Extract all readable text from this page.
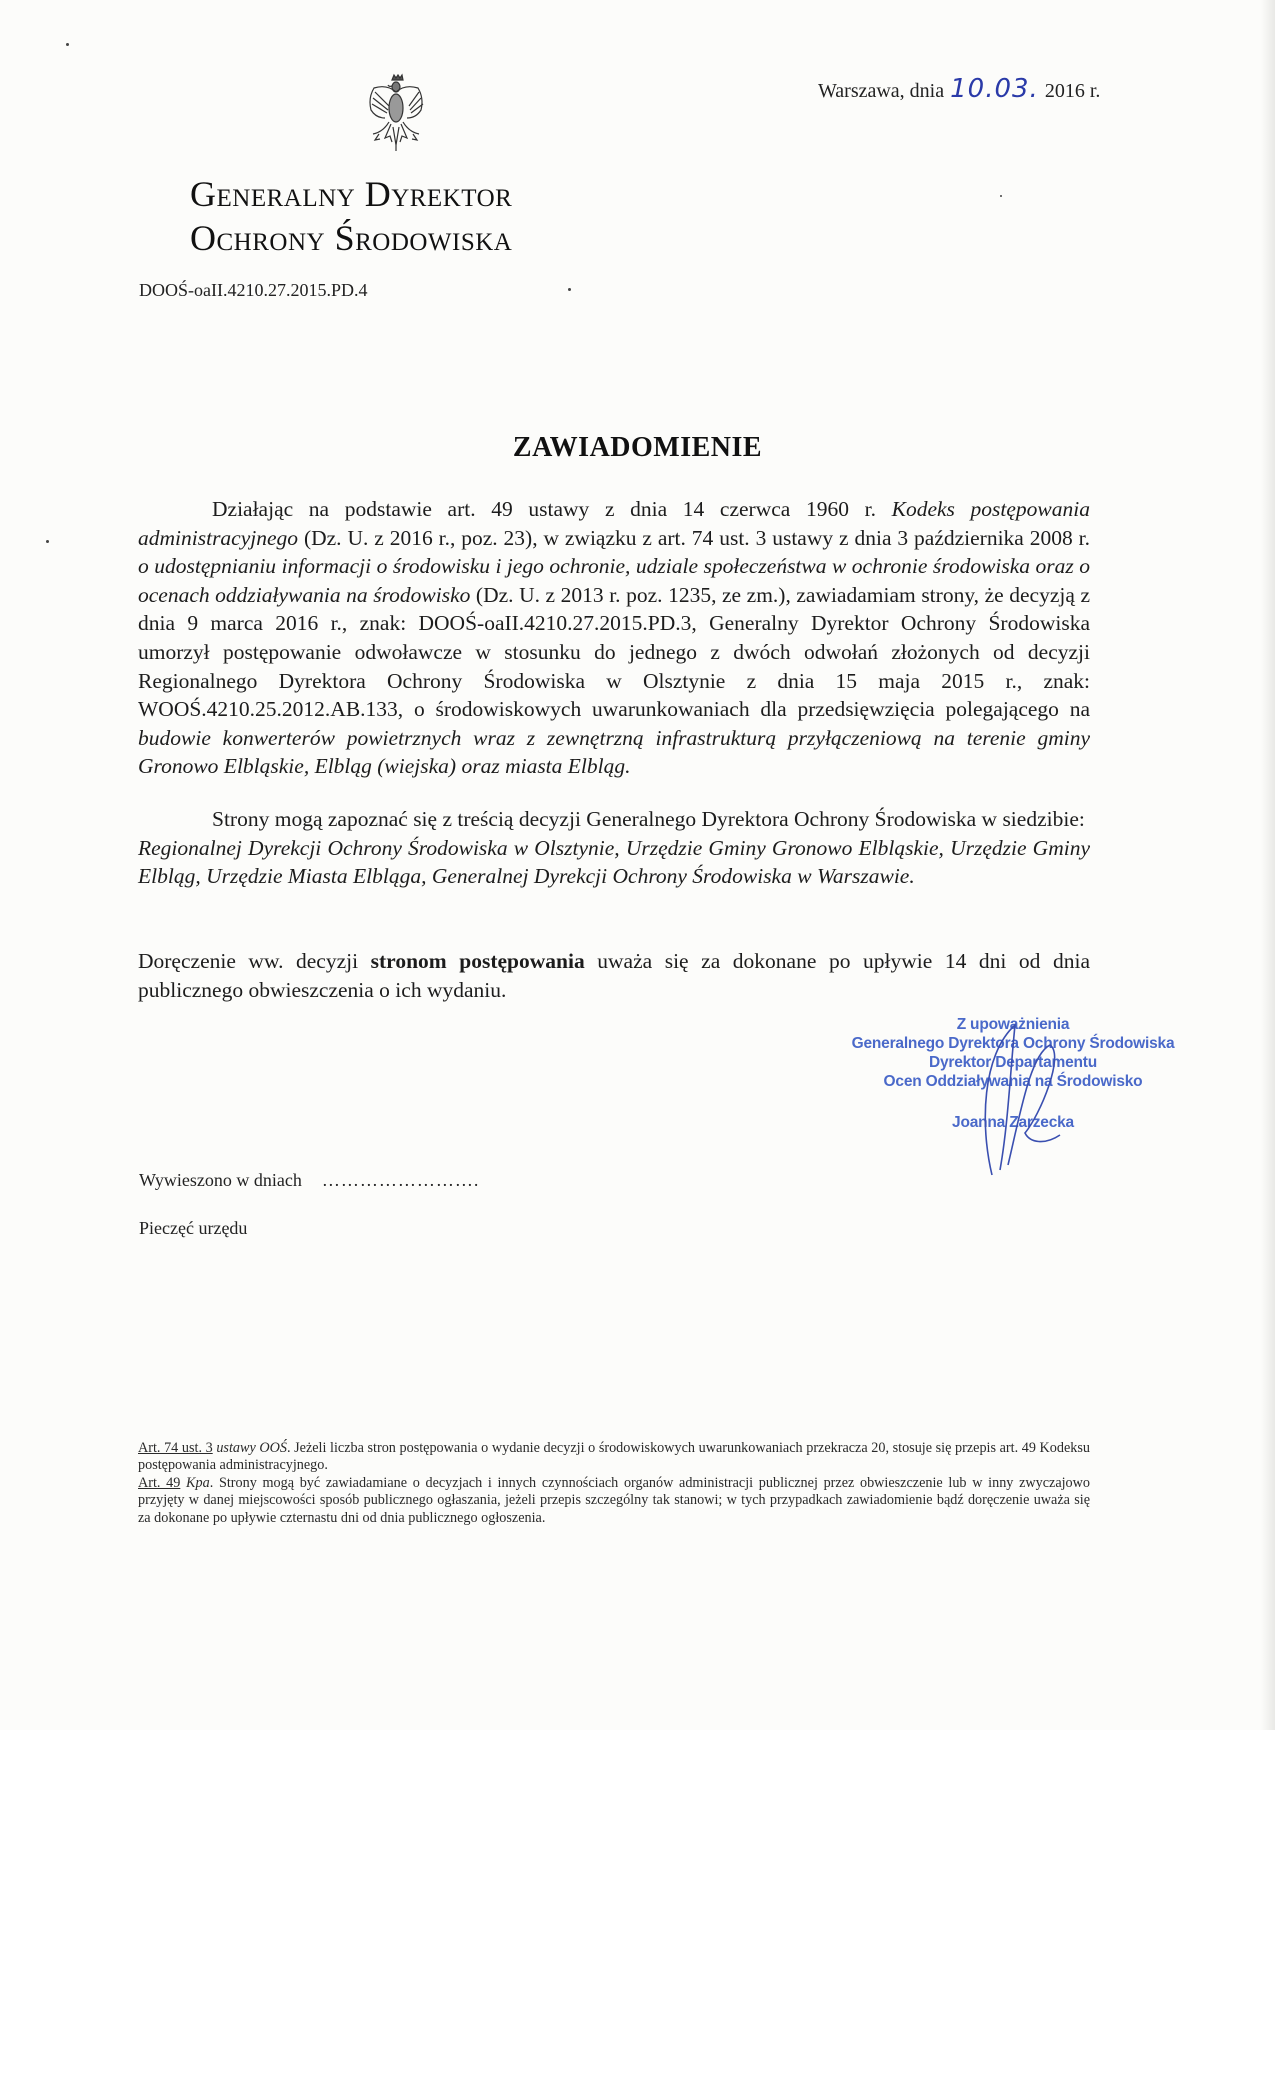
Generalny Dyrektor
Ochrony Środowiska
DOOŚ-oaII.4210.27.2015.PD.4
Warszawa, dnia 10.03. 2016 r.
ZAWIADOMIENIE
Działając na podstawie art. 49 ustawy z dnia 14 czerwca 1960 r. Kodeks postępowania administracyjnego (Dz. U. z 2016 r., poz. 23), w związku z art. 74 ust. 3 ustawy z dnia 3 października 2008 r. o udostępnianiu informacji o środowisku i jego ochronie, udziale społeczeństwa w ochronie środowiska oraz o ocenach oddziaływania na środowisko (Dz. U. z 2013 r. poz. 1235, ze zm.), zawiadamiam strony, że decyzją z dnia 9 marca 2016 r., znak: DOOŚ-oaII.4210.27.2015.PD.3, Generalny Dyrektor Ochrony Środowiska umorzył postępowanie odwoławcze w stosunku do jednego z dwóch odwołań złożonych od decyzji Regionalnego Dyrektora Ochrony Środowiska w Olsztynie z dnia 15 maja 2015 r., znak: WOOŚ.4210.25.2012.AB.133, o środowiskowych uwarunkowaniach dla przedsięwzięcia polegającego na budowie konwerterów powietrznych wraz z zewnętrzną infrastrukturą przyłączeniową na terenie gminy Gronowo Elbląskie, Elbląg (wiejska) oraz miasta Elbląg.
Strony mogą zapoznać się z treścią decyzji Generalnego Dyrektora Ochrony Środowiska w siedzibie:
Regionalnej Dyrekcji Ochrony Środowiska w Olsztynie, Urzędzie Gminy Gronowo Elbląskie, Urzędzie Gminy Elbląg, Urzędzie Miasta Elbląga, Generalnej Dyrekcji Ochrony Środowiska w Warszawie.
Doręczenie ww. decyzji stronom postępowania uważa się za dokonane po upływie 14 dni od dnia publicznego obwieszczenia o ich wydaniu.
Z upoważnienia
Generalnego Dyrektora Ochrony Środowiska
Dyrektor Departamentu
Ocen Oddziaływania na Środowisko
Joanna Zarzecka
Wywieszono w dniach …………………….
Pieczęć urzędu
Art. 74 ust. 3 ustawy OOŚ. Jeżeli liczba stron postępowania o wydanie decyzji o środowiskowych uwarunkowaniach przekracza 20, stosuje się przepis art. 49 Kodeksu postępowania administracyjnego.
Art. 49 Kpa. Strony mogą być zawiadamiane o decyzjach i innych czynnościach organów administracji publicznej przez obwieszczenie lub w inny zwyczajowo przyjęty w danej miejscowości sposób publicznego ogłaszania, jeżeli przepis szczególny tak stanowi; w tych przypadkach zawiadomienie bądź doręczenie uważa się za dokonane po upływie czternastu dni od dnia publicznego ogłoszenia.
